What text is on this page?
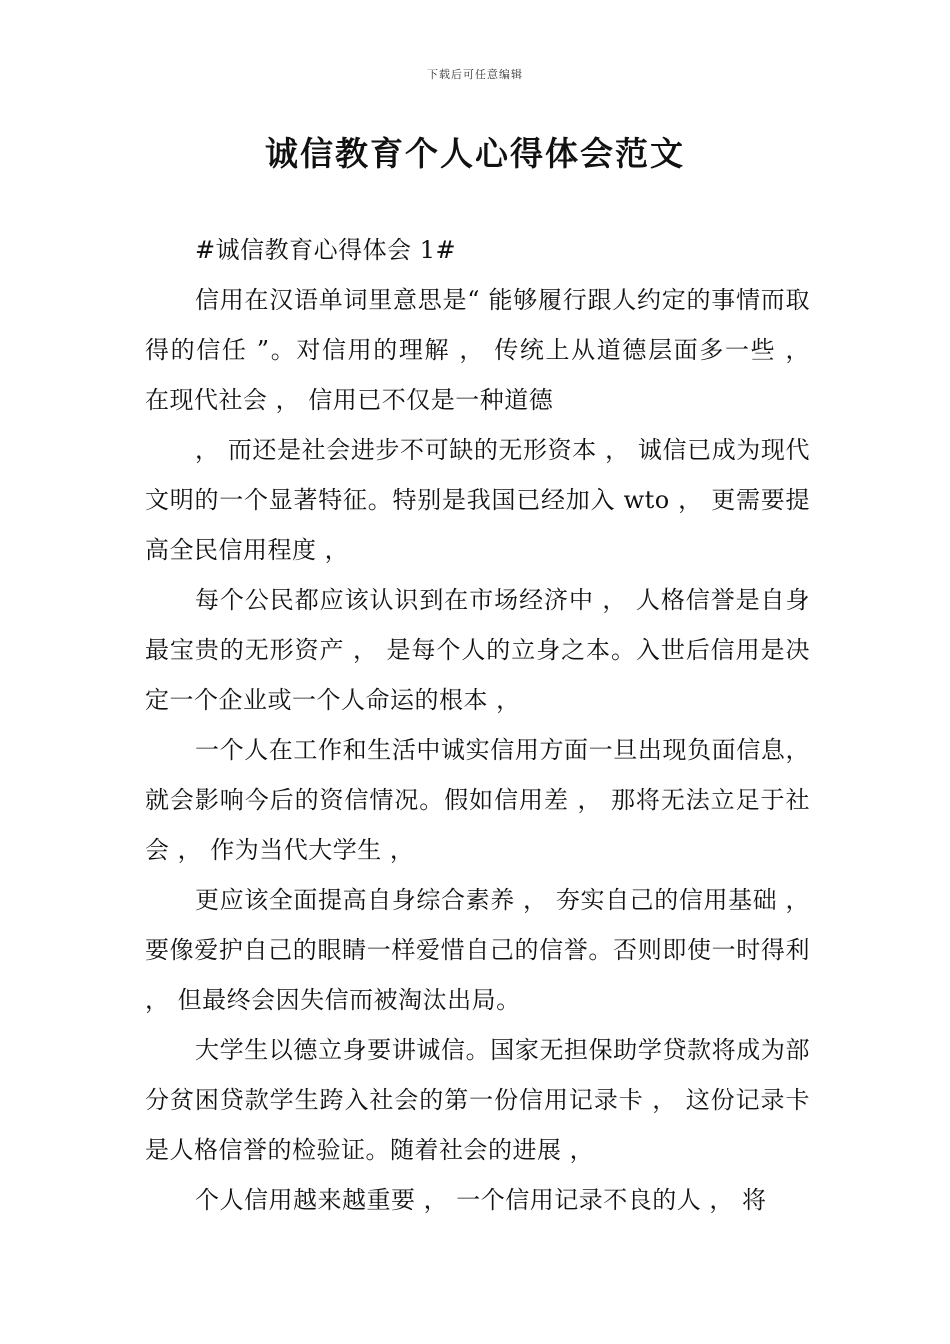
下载后可任意编辑
诚信教育个人心得体会范文

#诚信教育心得体会 1#

信用在汉语单词里意思是“ 能够履行跟人约定的事情而取得的信任 ”。对信用的理解 ， 传统上从道德层面多一些 ， 在现代社会 ， 信用已不仅是一种道德

， 而还是社会进步不可缺的无形资本 ， 诚信已成为现代文明的一个显著特征。特别是我国已经加入 wto ， 更需要提高全民信用程度 ，

每个公民都应该认识到在市场经济中 ， 人格信誉是自身最宝贵的无形资产 ， 是每个人的立身之本。入世后信用是决定一个企业或一个人命运的根本 ，

一个人在工作和生活中诚实信用方面一旦出现负面信息， 就会影响今后的资信情况。假如信用差 ， 那将无法立足于社会 ， 作为当代大学生 ，

更应该全面提高自身综合素养 ， 夯实自己的信用基础 ， 要像爱护自己的眼睛一样爱惜自己的信誉。否则即使一时得利 ， 但最终会因失信而被淘汰出局。

大学生以德立身要讲诚信。国家无担保助学贷款将成为部分贫困贷款学生跨入社会的第一份信用记录卡 ， 这份记录卡是人格信誉的检验证。随着社会的进展 ，

个人信用越来越重要 ， 一个信用记录不良的人 ， 将
